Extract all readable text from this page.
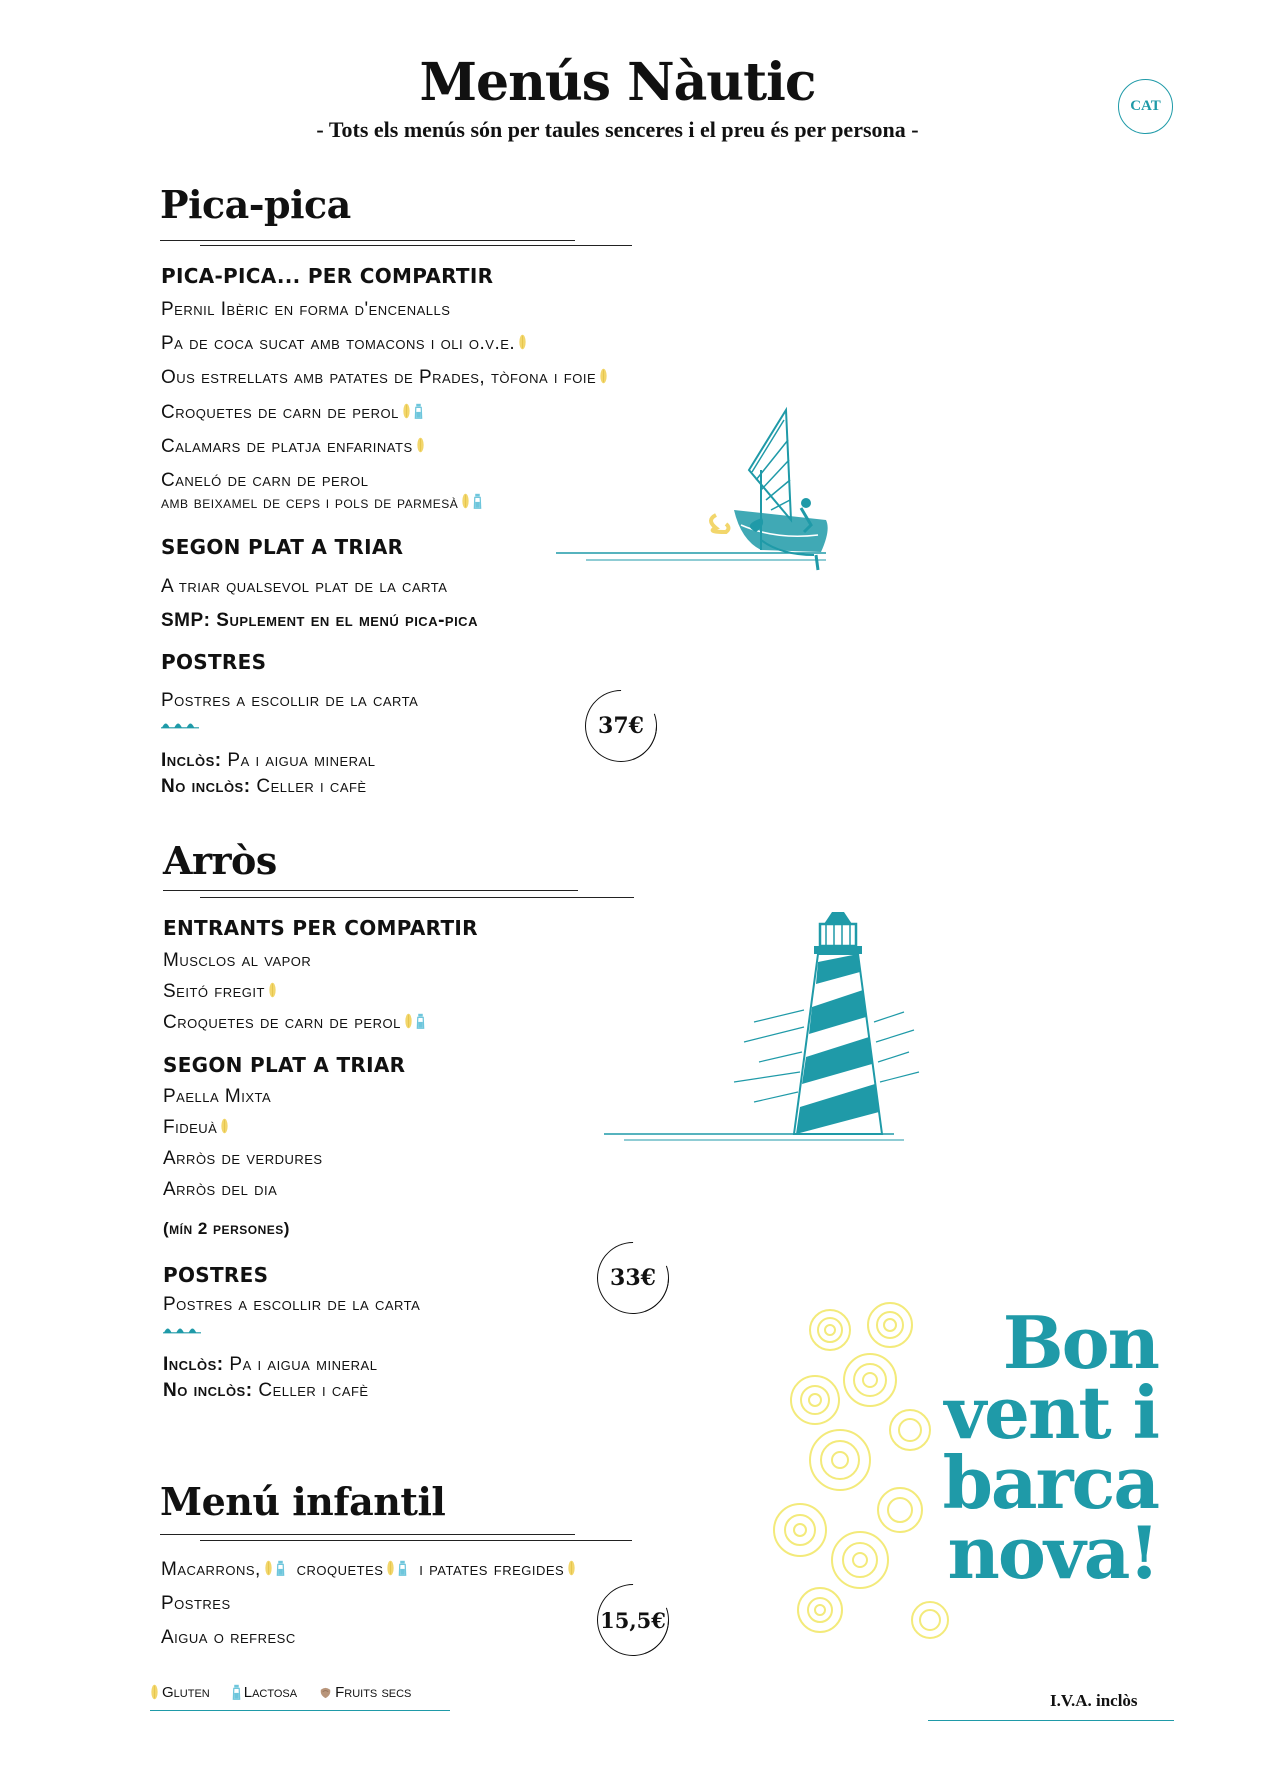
Menús Nàutic
- Tots els menús són per taules senceres i el preu és per persona -
CAT
Pica-pica
PICA-PICA... PER COMPARTIR
Pernil Ibèric en forma d'encenalls
Pa de coca sucat amb tomacons i oli o.v.e.
Ous estrellats amb patates de Prades, tòfona i foie
Croquetes de carn de perol
Calamars de platja enfarinats
Caneló de carn de perol
amb beixamel de ceps i pols de parmesà
SEGON PLAT A TRIAR
A triar qualsevol plat de la carta
SMP: Suplement en el menú pica-pica
POSTRES
Postres a escollir de la carta
Inclòs: Pa i aigua mineral
No inclòs: Celler i cafè
37€
Arròs
ENTRANTS PER COMPARTIR
Musclos al vapor
Seitó fregit
Croquetes de carn de perol
SEGON PLAT A TRIAR
Paella Mixta
Fideuà
Arròs de verdures
Arròs del dia
(mín 2 persones)
POSTRES
Postres a escollir de la carta
Inclòs: Pa i aigua mineral
No inclòs: Celler i cafè
33€
Menú infantil
Macarrons, croquetes i patates fregides
Postres
Aigua o refresc
15,5€
Bon
vent i
barca
nova!
Gluten Lactosa	Fruits secs	I.V.A. inclòs
